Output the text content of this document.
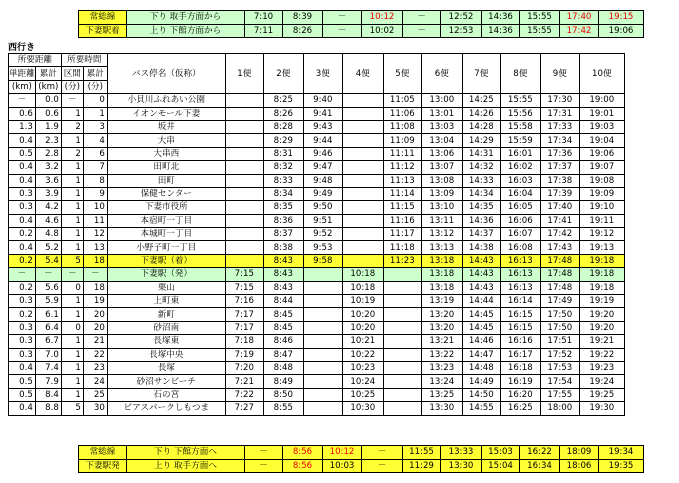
常総線	下り 取手方面から	7:10	8:39	－	10:12	－	12:52	14:36	15:55	17:40	19:15
下妻駅着	上り 下館方面から	7:11	8:26	－	10:02	－	12:53	14:36	15:55	17:42	19:06
西行き
所要距離		所要時間		バス停名（仮称）	1便	2便	3便	4便	5便	6便	7便	8便	9便	10便
単距離	累計	区間	累計											
(km)	(km)	(分)	(分)											
－	0.0	－	0	小貝川ふれあい公園		8:25	9:40		11:05	13:00	14:25	15:55	17:30	19:00
0.6	0.6	1	1	イオンモール下妻		8:26	9:41		11:06	13:01	14:26	15:56	17:31	19:01
1.3	1.9	2	3	坂井		8:28	9:43		11:08	13:03	14:28	15:58	17:33	19:03
0.4	2.3	1	4	大串		8:29	9:44		11:09	13:04	14:29	15:59	17:34	19:04
0.5	2.8	2	6	大串西		8:31	9:46		11:11	13:06	14:31	16:01	17:36	19:06
0.4	3.2	1	7	田町北		8:32	9:47		11:12	13:07	14:32	16:02	17:37	19:07
0.4	3.6	1	8	田町		8:33	9:48		11:13	13:08	14:33	16:03	17:38	19:08
0.3	3.9	1	9	保健センター		8:34	9:49		11:14	13:09	14:34	16:04	17:39	19:09
0.3	4.2	1	10	下妻市役所		8:35	9:50		11:15	13:10	14:35	16:05	17:40	19:10
0.4	4.6	1	11	本宿町一丁目		8:36	9:51		11:16	13:11	14:36	16:06	17:41	19:11
0.2	4.8	1	12	本城町一丁目		8:37	9:52		11:17	13:12	14:37	16:07	17:42	19:12
0.4	5.2	1	13	小野子町一丁目		8:38	9:53		11:18	13:13	14:38	16:08	17:43	19:13
0.2	5.4	5	18	下妻駅（着）		8:43	9:58		11:23	13:18	14:43	16:13	17:48	19:18
－	－	－	－	下妻駅（発）	7:15	8:43		10:18		13:18	14:43	16:13	17:48	19:18
0.2	5.6	0	18	栗山	7:15	8:43		10:18		13:18	14:43	16:13	17:48	19:18
0.3	5.9	1	19	上町東	7:16	8:44		10:19		13:19	14:44	16:14	17:49	19:19
0.2	6.1	1	20	新町	7:17	8:45		10:20		13:20	14:45	16:15	17:50	19:20
0.3	6.4	0	20	砂沼南	7:17	8:45		10:20		13:20	14:45	16:15	17:50	19:20
0.3	6.7	1	21	長塚東	7:18	8:46		10:21		13:21	14:46	16:16	17:51	19:21
0.3	7.0	1	22	長塚中央	7:19	8:47		10:22		13:22	14:47	16:17	17:52	19:22
0.4	7.4	1	23	長塚	7:20	8:48		10:23		13:23	14:48	16:18	17:53	19:23
0.5	7.9	1	24	砂沼サンビーチ	7:21	8:49		10:24		13:24	14:49	16:19	17:54	19:24
0.5	8.4	1	25	石の宮	7:22	8:50		10:25		13:25	14:50	16:20	17:55	19:25
0.4	8.8	5	30	ビアスパークしもつま	7:27	8:55		10:30		13:30	14:55	16:25	18:00	19:30
常総線	下り 下館方面へ	－	8:56	10:12	－	11:55	13:33	15:03	16:22	18:09	19:34
下妻駅発	上り 取手方面へ	－	8:56	10:03	－	11:29	13:30	15:04	16:34	18:06	19:35
